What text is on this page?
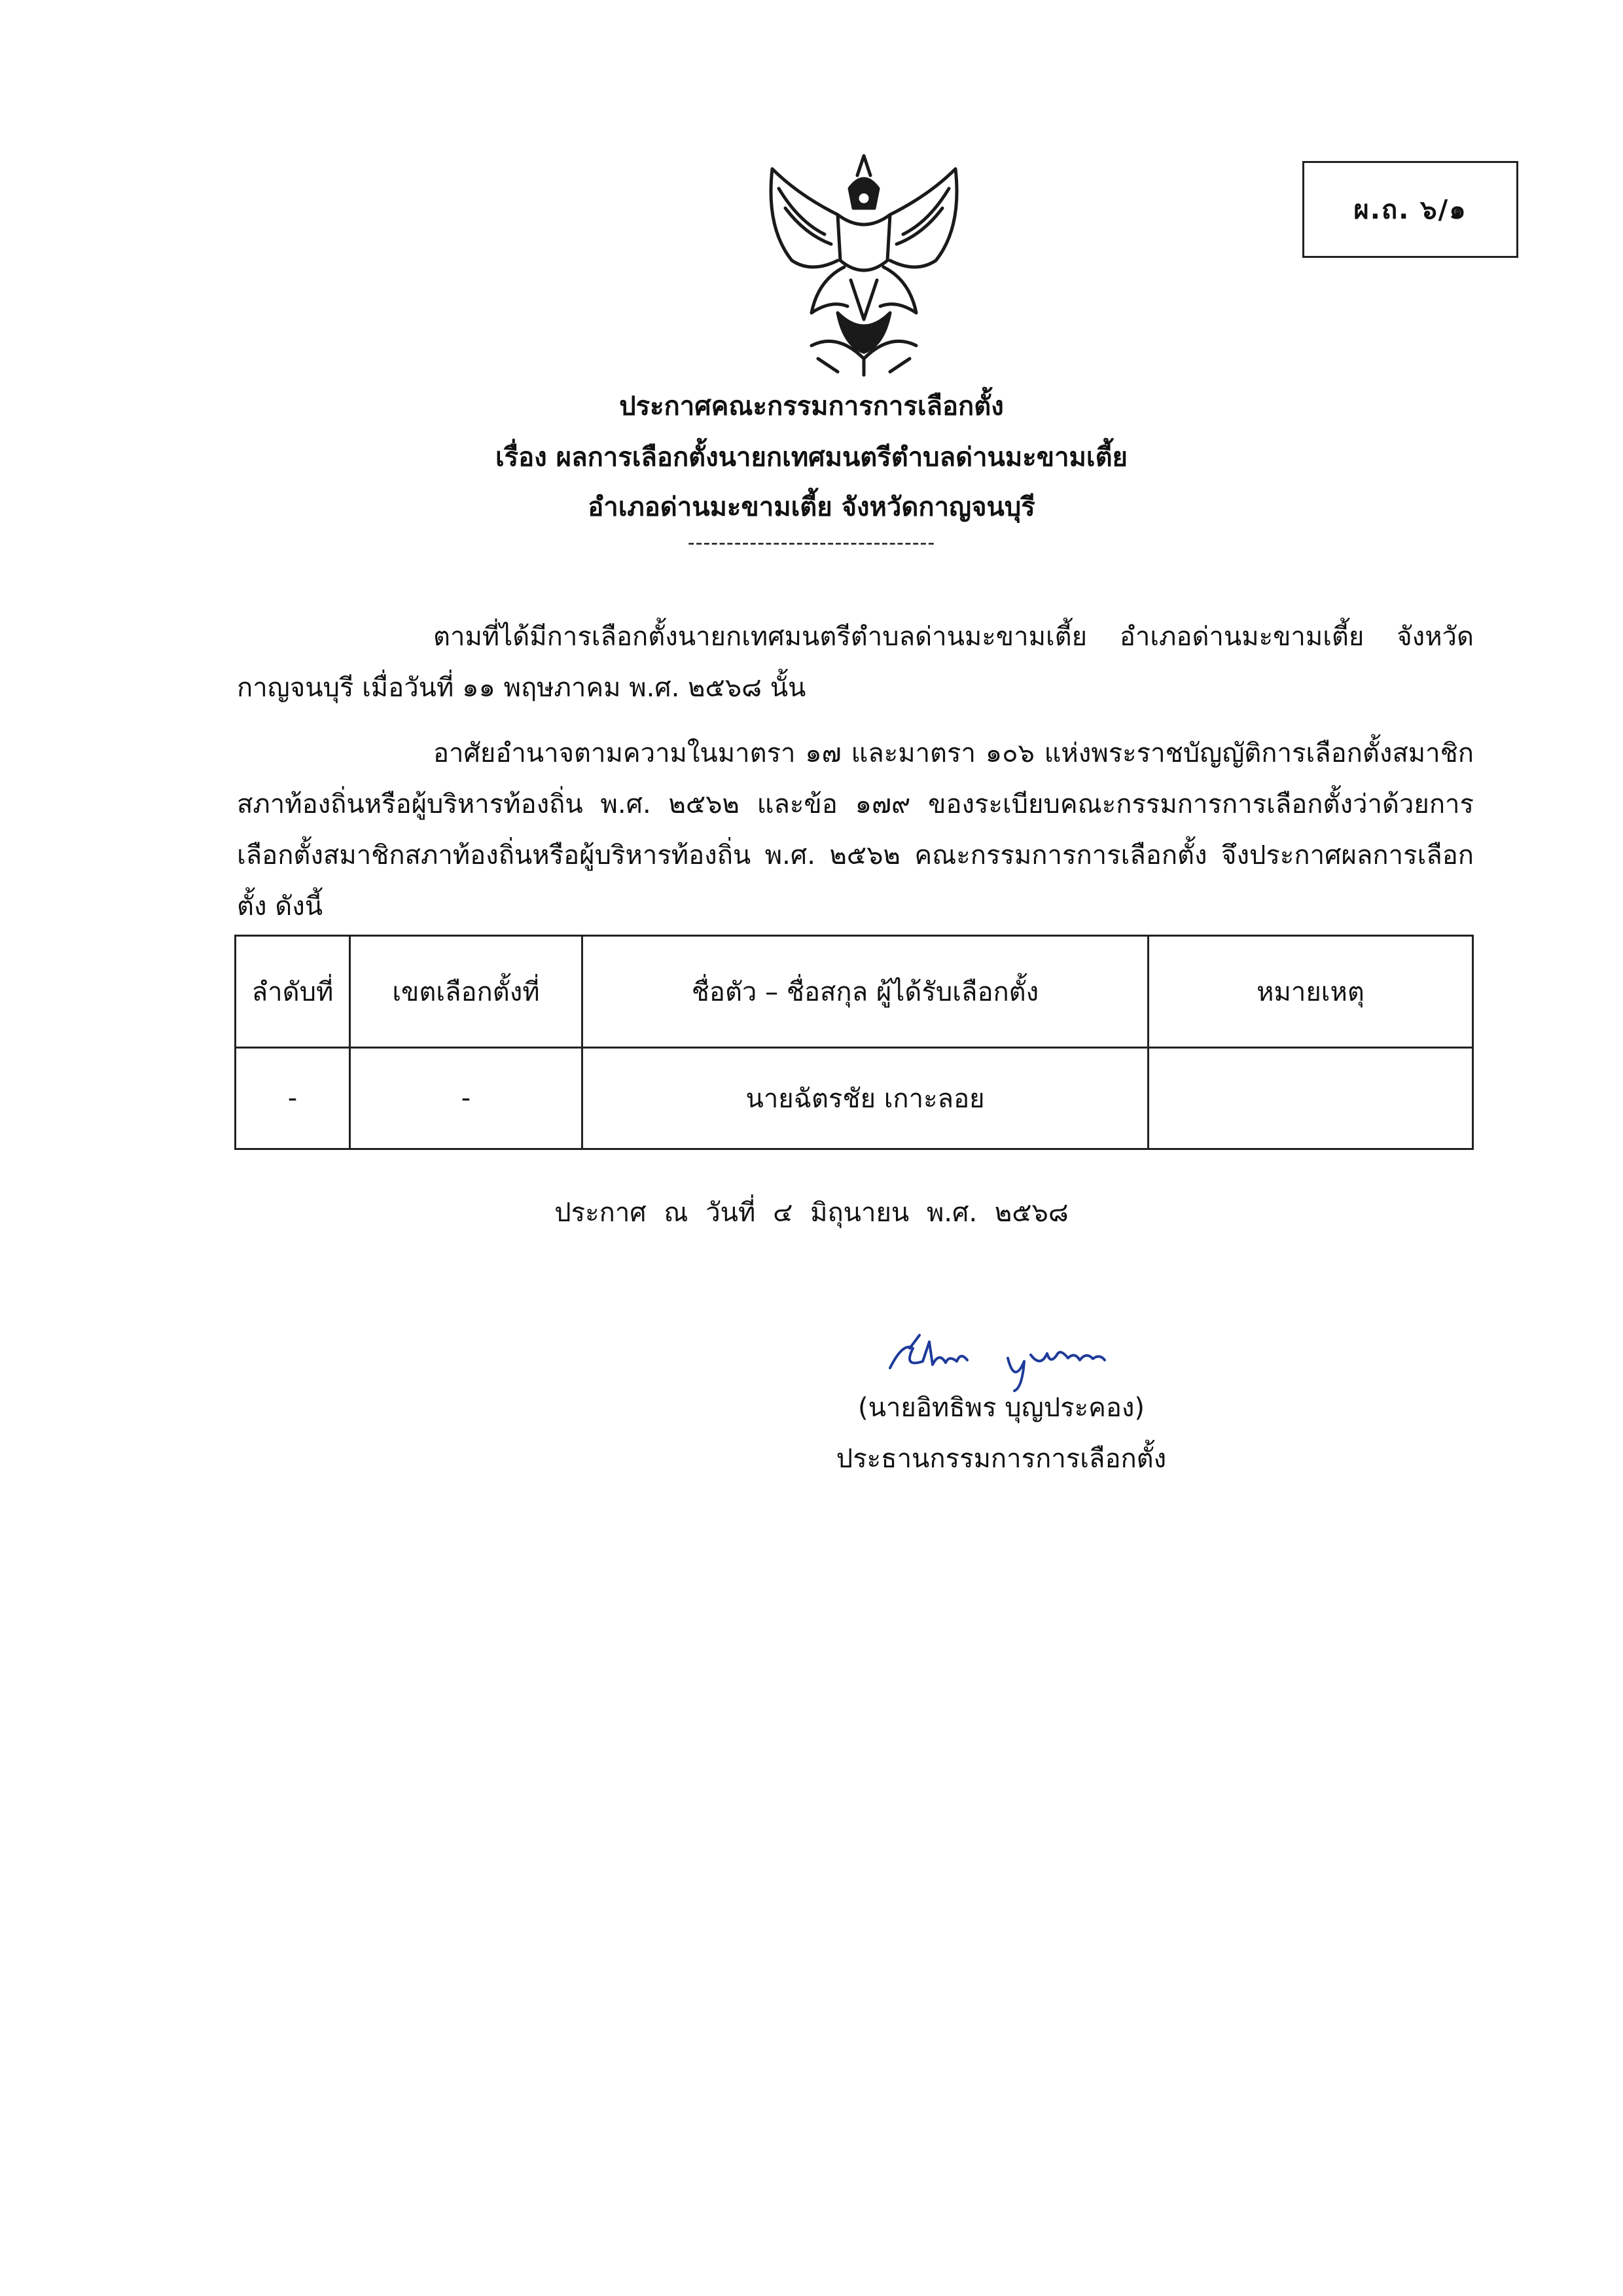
ผ.ถ. ๖/๑
ประกาศคณะกรรมการการเลือกตั้ง
เรื่อง ผลการเลือกตั้งนายกเทศมนตรีตำบลด่านมะขามเตี้ย
อำเภอด่านมะขามเตี้ย จังหวัดกาญจนบุรี
--------------------------------
ตามที่ได้มีการเลือกตั้งนายกเทศมนตรีตำบลด่านมะขามเตี้ย อำเภอด่านมะขามเตี้ย จังหวัดกาญจนบุรี เมื่อวันที่ ๑๑ พฤษภาคม พ.ศ. ๒๕๖๘ นั้น
อาศัยอำนาจตามความในมาตรา ๑๗ และมาตรา ๑๐๖ แห่งพระราชบัญญัติการเลือกตั้งสมาชิกสภาท้องถิ่นหรือผู้บริหารท้องถิ่น พ.ศ. ๒๕๖๒ และข้อ ๑๗๙ ของระเบียบคณะกรรมการการเลือกตั้งว่าด้วยการเลือกตั้งสมาชิกสภาท้องถิ่นหรือผู้บริหารท้องถิ่น พ.ศ. ๒๕๖๒ คณะกรรมการการเลือกตั้ง จึงประกาศผลการเลือกตั้ง ดังนี้
ลำดับที่	เขตเลือกตั้งที่	ชื่อตัว – ชื่อสกุล ผู้ได้รับเลือกตั้ง	หมายเหตุ
-	-	นายฉัตรชัย เกาะลอย	
ประกาศ ณ วันที่ ๔ มิถุนายน พ.ศ. ๒๕๖๘
(นายอิทธิพร บุญประคอง)
ประธานกรรมการการเลือกตั้ง
